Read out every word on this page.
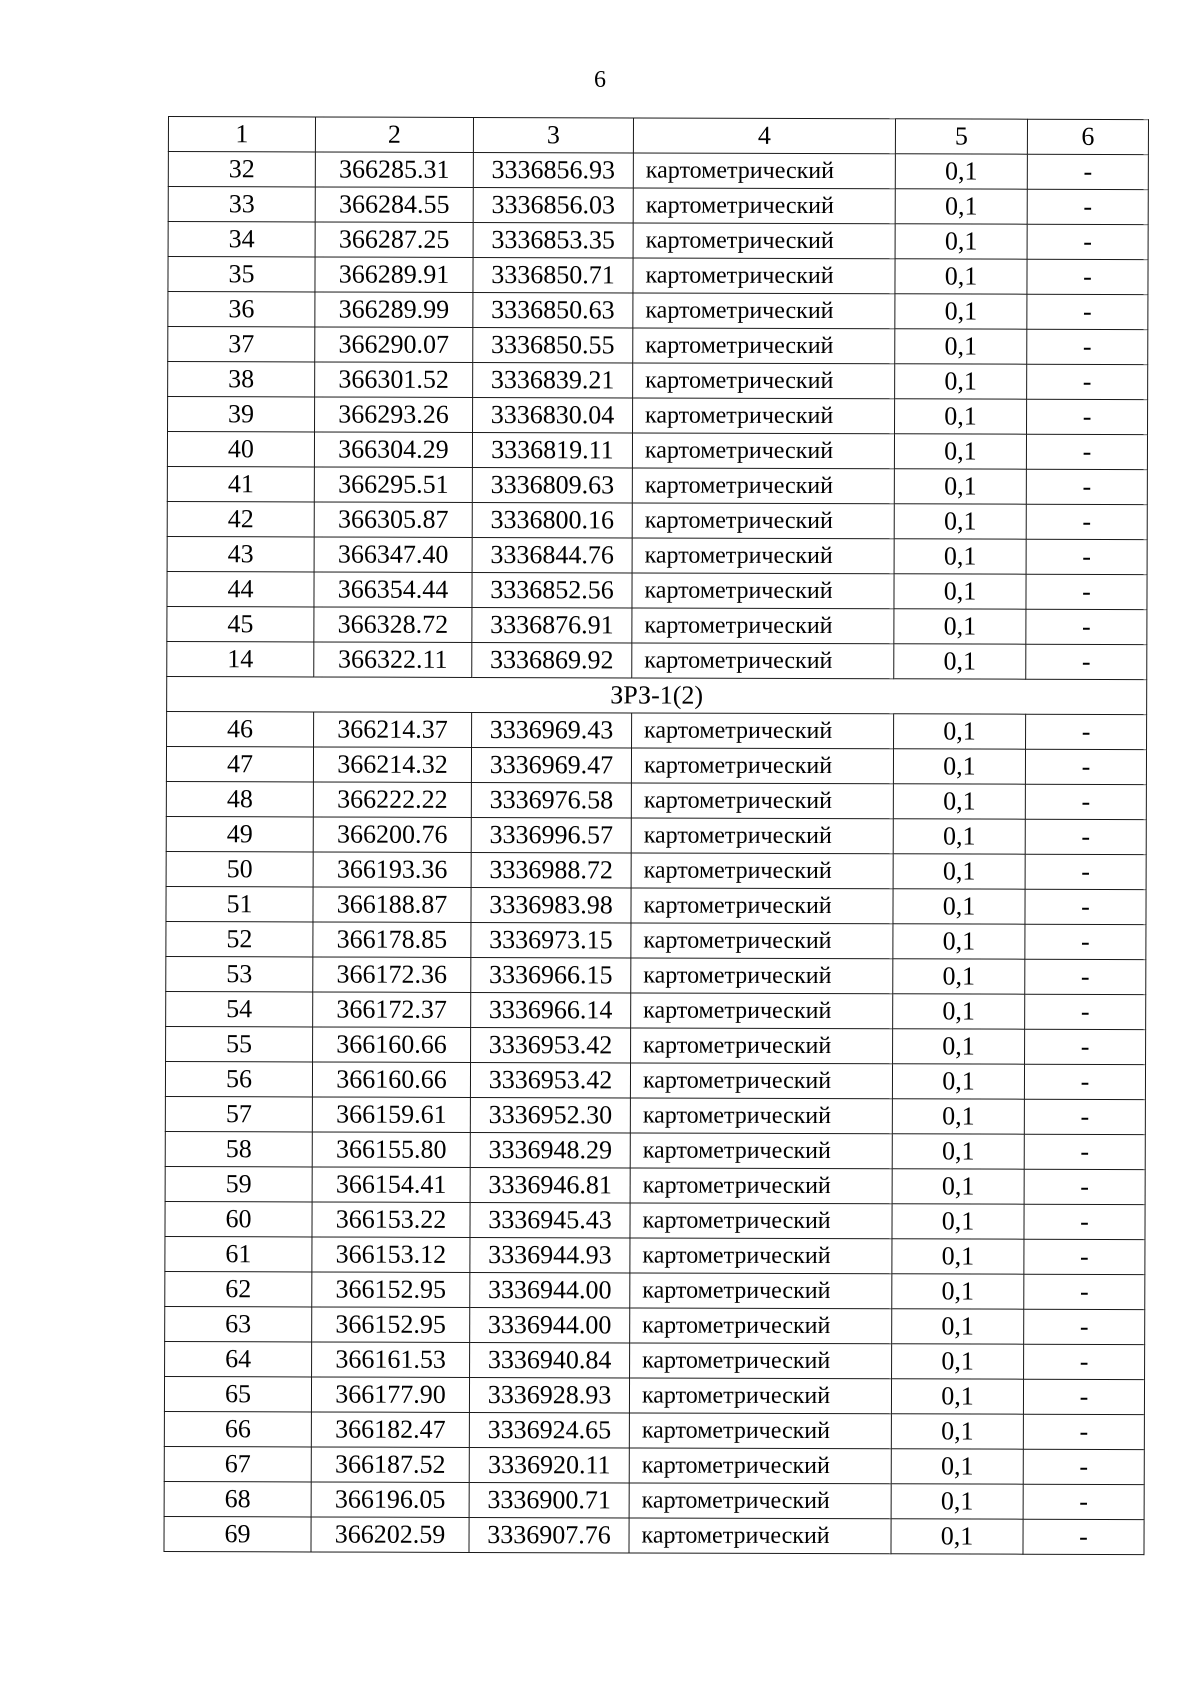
6
1	2	3	4	5	6
32	366285.31	3336856.93	картометрический	0,1	-
33	366284.55	3336856.03	картометрический	0,1	-
34	366287.25	3336853.35	картометрический	0,1	-
35	366289.91	3336850.71	картометрический	0,1	-
36	366289.99	3336850.63	картометрический	0,1	-
37	366290.07	3336850.55	картометрический	0,1	-
38	366301.52	3336839.21	картометрический	0,1	-
39	366293.26	3336830.04	картометрический	0,1	-
40	366304.29	3336819.11	картометрический	0,1	-
41	366295.51	3336809.63	картометрический	0,1	-
42	366305.87	3336800.16	картометрический	0,1	-
43	366347.40	3336844.76	картометрический	0,1	-
44	366354.44	3336852.56	картометрический	0,1	-
45	366328.72	3336876.91	картометрический	0,1	-
14	366322.11	3336869.92	картометрический	0,1	-
ЗРЗ-1(2)					
46	366214.37	3336969.43	картометрический	0,1	-
47	366214.32	3336969.47	картометрический	0,1	-
48	366222.22	3336976.58	картометрический	0,1	-
49	366200.76	3336996.57	картометрический	0,1	-
50	366193.36	3336988.72	картометрический	0,1	-
51	366188.87	3336983.98	картометрический	0,1	-
52	366178.85	3336973.15	картометрический	0,1	-
53	366172.36	3336966.15	картометрический	0,1	-
54	366172.37	3336966.14	картометрический	0,1	-
55	366160.66	3336953.42	картометрический	0,1	-
56	366160.66	3336953.42	картометрический	0,1	-
57	366159.61	3336952.30	картометрический	0,1	-
58	366155.80	3336948.29	картометрический	0,1	-
59	366154.41	3336946.81	картометрический	0,1	-
60	366153.22	3336945.43	картометрический	0,1	-
61	366153.12	3336944.93	картометрический	0,1	-
62	366152.95	3336944.00	картометрический	0,1	-
63	366152.95	3336944.00	картометрический	0,1	-
64	366161.53	3336940.84	картометрический	0,1	-
65	366177.90	3336928.93	картометрический	0,1	-
66	366182.47	3336924.65	картометрический	0,1	-
67	366187.52	3336920.11	картометрический	0,1	-
68	366196.05	3336900.71	картометрический	0,1	-
69	366202.59	3336907.76	картометрический	0,1	-
